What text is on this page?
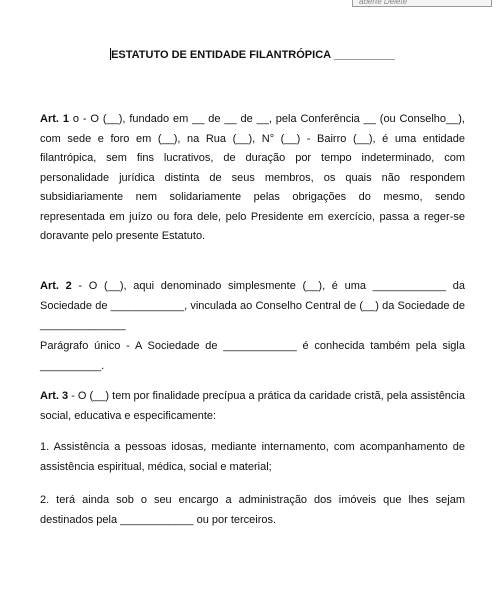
aberte Delete
ESTATUTO DE ENTIDADE FILANTRÓPICA __________

Art. 1 o - O (__), fundado em __ de __ de __, pela Conferência __ (ou Conselho__), com sede e foro em (__), na Rua (__), N° (__) - Bairro (__), é uma entidade filantrópica, sem fins lucrativos, de duração por tempo indeterminado, com personalidade jurídica distinta de seus membros, os quais não respondem subsidiariamente nem solidariamente pelas obrigações do mesmo, sendo representada em juízo ou fora dele, pelo Presidente em exercício, passa a reger-se doravante pelo presente Estatuto.

Art. 2 - O (__), aqui denominado simplesmente (__), é uma ____________ da Sociedade de ____________, vinculada ao Conselho Central de (__) da Sociedade de ______________

Parágrafo único - A Sociedade de ____________ é conhecida também pela sigla __________.

Art. 3 - O (__) tem por finalidade precípua a prática da caridade cristã, pela assistência social, educativa e especificamente:

1. Assistência a pessoas idosas, mediante internamento, com acompanhamento de assistência espiritual, médica, social e material;

2. terá ainda sob o seu encargo a administração dos imóveis que lhes sejam destinados pela ____________ ou por terceiros.
